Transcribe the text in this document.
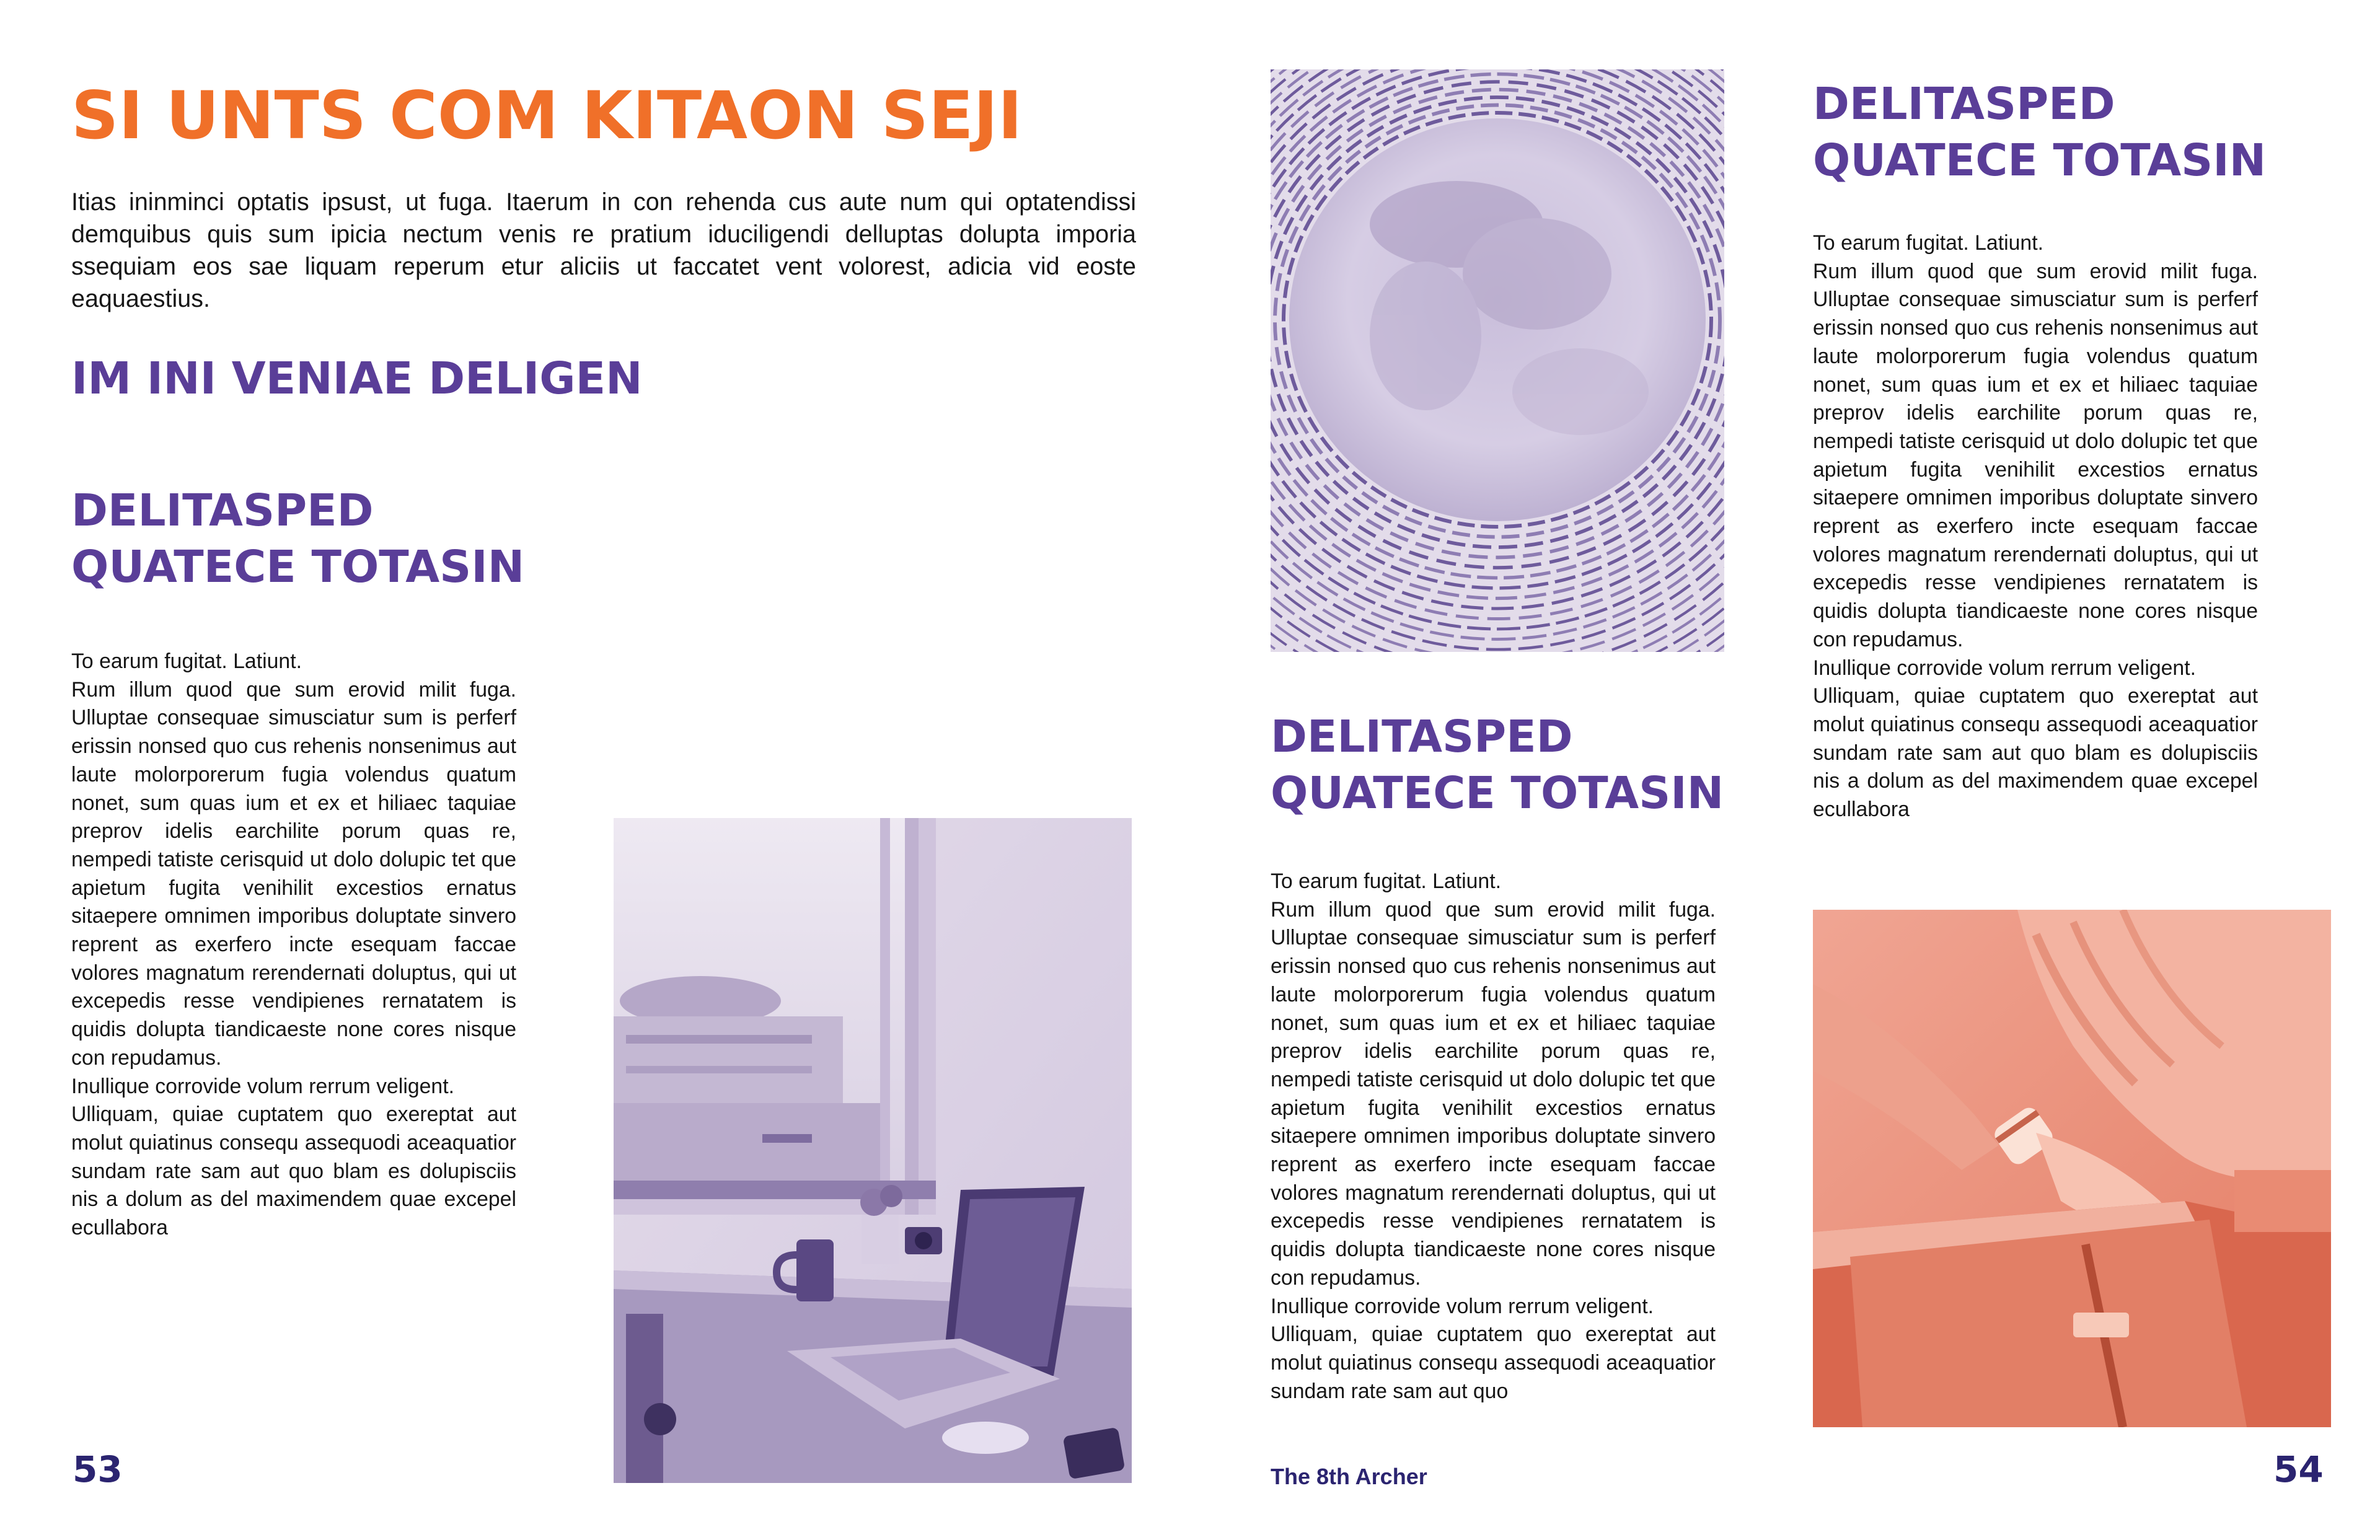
SI UNTS COM KITAON SEJI
Itias ininminci optatis ipsust, ut fuga. Itaerum in con rehenda cus aute num qui optatendissi demquibus quis sum ipicia nectum venis re pratium iduciligendi delluptas dolupta imporia ssequiam eos sae liquam reperum etur aliciis ut faccatet vent volorest, adicia vid eoste eaquaestius.
IM INI VENIAE DELIGEN
DELITASPED
QUATECE TOTASIN

To earum fugitat. Latiunt.

Rum illum quod que sum erovid milit fuga. Ulluptae consequae simusciatur sum is perferf erissin nonsed quo cus rehenis nonsenimus aut laute molorporerum fugia volendus quatum nonet, sum quas ium et ex et hiliaec taquiae preprov idelis earchilite porum quas re, nempedi tatiste cerisquid ut dolo dolupic tet que apietum fugita venihilit excestios ernatus sitaepere omnimen imporibus doluptate sinvero reprent as exerfero incte esequam faccae volores magnatum rerendernati doluptus, qui ut excepedis resse vendipienes rernatatem is quidis dolupta tiandicaeste none cores nisque con repudamus.

Inullique corrovide volum rerrum veligent.

Ulliquam, quiae cuptatem quo exereptat aut molut quiatinus consequ assequodi aceaquatior sundam rate sam aut quo blam es dolupisciis nis a dolum as del maximendem quae excepel ecullabora

53
DELITASPED
QUATECE TOTASIN

To earum fugitat. Latiunt.

Rum illum quod que sum erovid milit fuga. Ulluptae consequae simusciatur sum is perferf erissin nonsed quo cus rehenis nonsenimus aut laute molorporerum fugia volendus quatum nonet, sum quas ium et ex et hiliaec taquiae preprov idelis earchilite porum quas re, nempedi tatiste cerisquid ut dolo dolupic tet que apietum fugita venihilit excestios ernatus sitaepere omnimen imporibus doluptate sinvero reprent as exerfero incte esequam faccae volores magnatum rerendernati doluptus, qui ut excepedis resse vendipienes rernatatem is quidis dolupta tiandicaeste none cores nisque con repudamus.

Inullique corrovide volum rerrum veligent.

Ulliquam, quiae cuptatem quo exereptat aut molut quiatinus consequ assequodi aceaquatior sundam rate sam aut quo

DELITASPED
QUATECE TOTASIN

To earum fugitat. Latiunt.

Rum illum quod que sum erovid milit fuga. Ulluptae consequae simusciatur sum is perferf erissin nonsed quo cus rehenis nonsenimus aut laute molorporerum fugia volendus quatum nonet, sum quas ium et ex et hiliaec taquiae preprov idelis earchilite porum quas re, nempedi tatiste cerisquid ut dolo dolupic tet que apietum fugita venihilit excestios ernatus sitaepere omnimen imporibus doluptate sinvero reprent as exerfero incte esequam faccae volores magnatum rerendernati doluptus, qui ut excepedis resse vendipienes rernatatem is quidis dolupta tiandicaeste none cores nisque con repudamus.

Inullique corrovide volum rerrum veligent.

Ulliquam, quiae cuptatem quo exereptat aut molut quiatinus consequ assequodi aceaquatior sundam rate sam aut quo blam es dolupisciis nis a dolum as del maximendem quae excepel ecullabora

The 8th Archer	54
